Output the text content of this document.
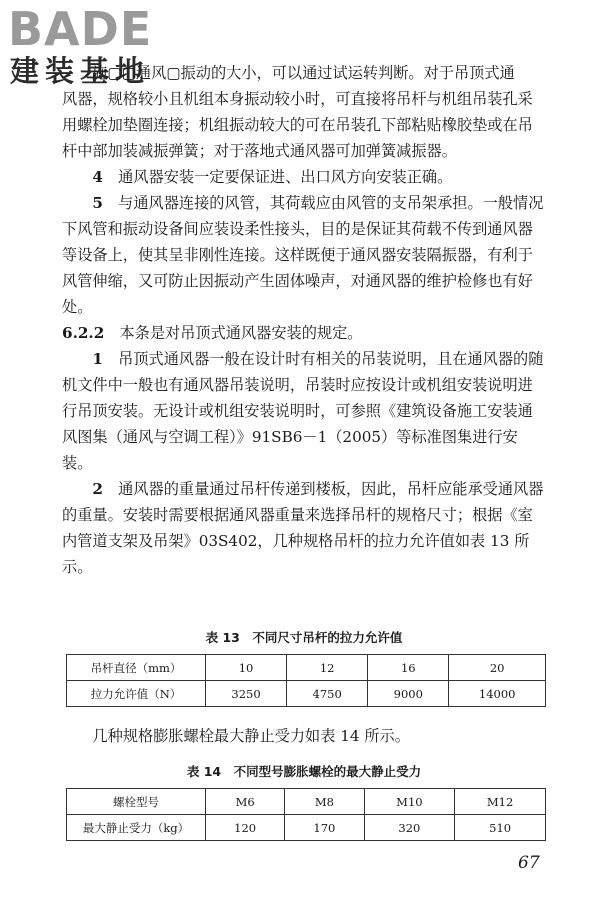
BADE
建装基地
施▢▢通风▢振动的大小，可以通过试运转判断。对于吊顶式通

风器，规格较小且机组本身振动较小时，可直接将吊杆与机组吊装孔采用螺栓加垫圈连接；机组振动较大的可在吊装孔下部粘贴橡胶垫或在吊杆中部加装减振弹簧；对于落地式通风器可加弹簧减振器。

4　通风器安装一定要保证进、出口风方向安装正确。

5　与通风器连接的风管，其荷载应由风管的支吊架承担。一般情况下风管和振动设备间应装设柔性接头，目的是保证其荷载不传到通风器等设备上，使其呈非刚性连接。这样既便于通风器安装隔振器，有利于风管伸缩，又可防止因振动产生固体噪声，对通风器的维护检修也有好处。

6.2.2　本条是对吊顶式通风器安装的规定。

1　吊顶式通风器一般在设计时有相关的吊装说明，且在通风器的随机文件中一般也有通风器吊装说明，吊装时应按设计或机组安装说明进行吊顶安装。无设计或机组安装说明时，可参照《建筑设备施工安装通风图集（通风与空调工程）》91SB6－1（2005）等标准图集进行安装。

2　通风器的重量通过吊杆传递到楼板，因此，吊杆应能承受通风器的重量。安装时需要根据通风器重量来选择吊杆的规格尺寸；根据《室内管道支架及吊架》03S402，几种规格吊杆的拉力允许值如表 13 所示。

表 13　不同尺寸吊杆的拉力允许值
吊杆直径（mm）	10	12	16	20
拉力允许值（N）	3250	4750	9000	14000
几种规格膨胀螺栓最大静止受力如表 14 所示。
表 14　不同型号膨胀螺栓的最大静止受力
螺栓型号	M6	M8	M10	M12
最大静止受力（kg）	120	170	320	510
67
